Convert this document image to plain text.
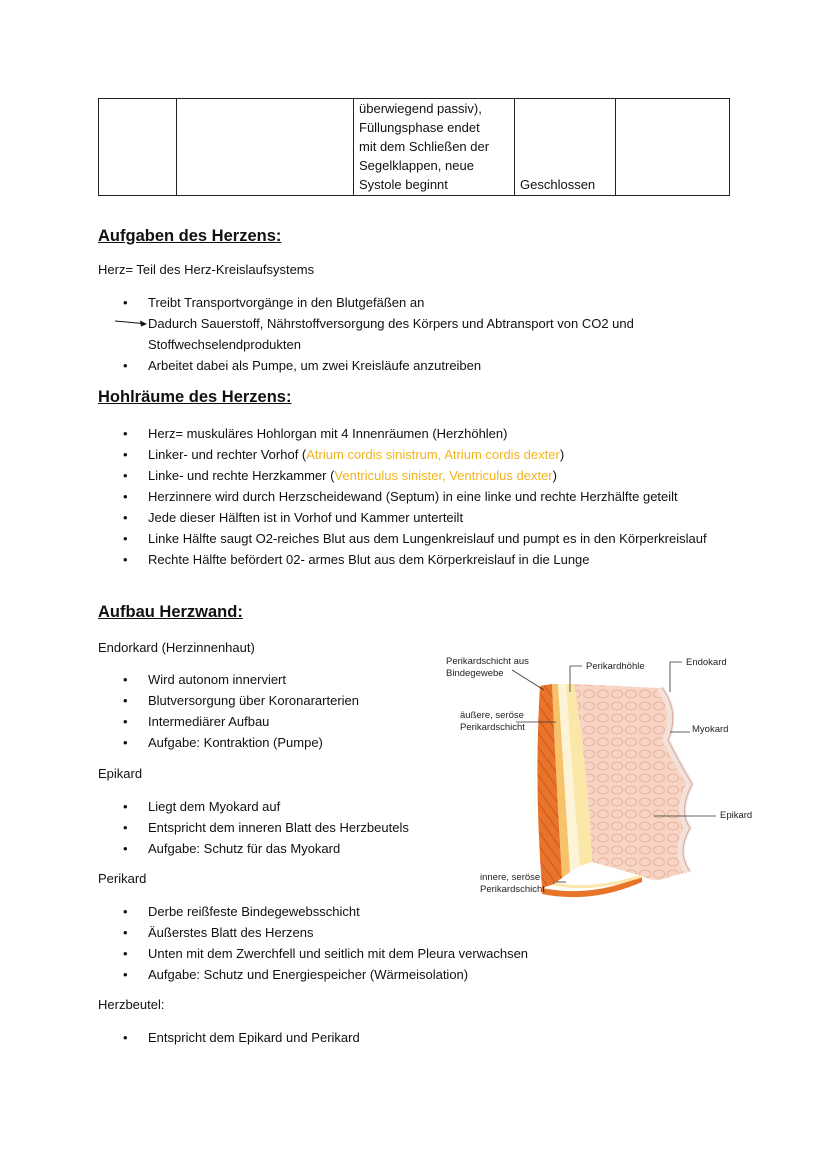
überwiegend passiv),
Füllungsphase endet
mit dem Schließen der
Segelklappen, neue
Systole beginnt	Geschlossen	
Aufgaben des Herzens:

Herz= Teil des Herz-Kreislaufsystems

• Treibt Transportvorgänge in den Blutgefäßen an
Dadurch Sauerstoff, Nährstoffversorgung des Körpers und Abtransport von CO2 und Stoffwechselendprodukten
• Arbeitet dabei als Pumpe, um zwei Kreisläufe anzutreiben
Hohlräume des Herzens:
• Herz= muskuläres Hohlorgan mit 4 Innenräumen (Herzhöhlen)
• Linker- und rechter Vorhof (Atrium cordis sinistrum, Atrium cordis dexter)
• Linke- und rechte Herzkammer (Ventriculus sinister, Ventriculus dexter)
• Herzinnere wird durch Herzscheidewand (Septum) in eine linke und rechte Herzhälfte geteilt
• Jede dieser Hälften ist in Vorhof und Kammer unterteilt
• Linke Hälfte saugt O2-reiches Blut aus dem Lungenkreislauf und pumpt es in den Körperkreislauf
• Rechte Hälfte befördert 02- armes Blut aus dem Körperkreislauf in die Lunge
Aufbau Herzwand:

Endorkard (Herzinnenhaut)

• Wird autonom innerviert
• Blutversorgung über Koronararterien
• Intermediärer Aufbau
• Aufgabe: Kontraktion (Pumpe)

Epikard

• Liegt dem Myokard auf
• Entspricht dem inneren Blatt des Herzbeutels
• Aufgabe: Schutz für das Myokard

Perikard

• Derbe reißfeste Bindegewebsschicht
• Äußerstes Blatt des Herzens
• Unten mit dem Zwerchfell und seitlich mit dem Pleura verwachsen
• Aufgabe: Schutz und Energiespeicher (Wärmeisolation)

Herzbeutel:

• Entspricht dem Epikard und Perikard
Perikardschicht aus
Bindegewebe
Perikardhöhle	Endokard
äußere, seröse
Perikardschicht	Myokard
Epikard
innere, seröse
Perikardschicht
